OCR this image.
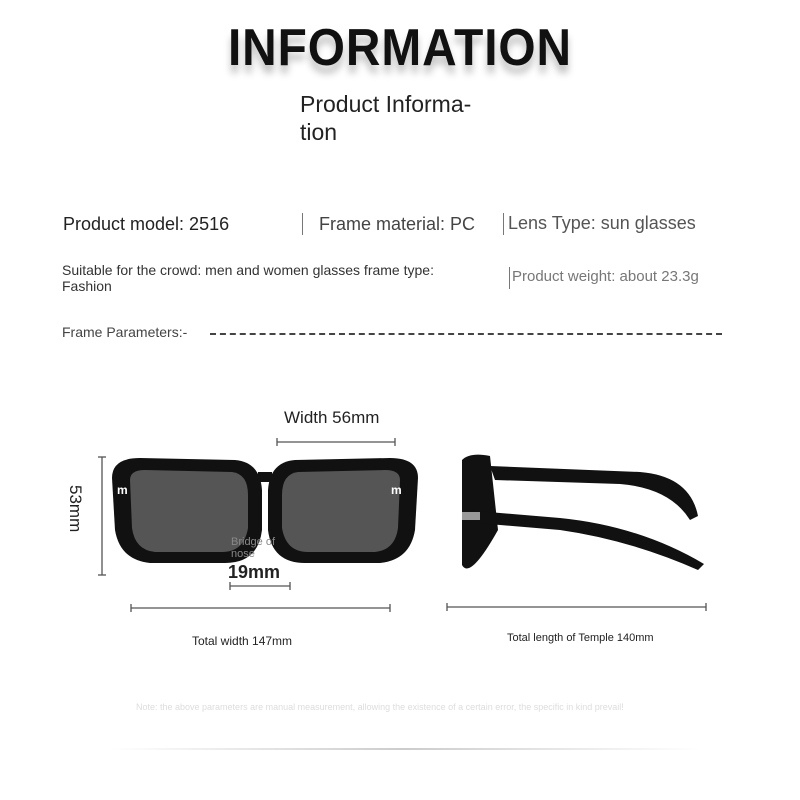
INFORMATION
Product Informa-tion
Product model: 2516	Frame material: PC Lens Type: sun glasses
Suitable for the crowd: men and women glasses frame type: Fashion
Product weight: about 23.3g
Frame Parameters:-
m	m
Width 56mm
53mm
Bridge of nose
19mm
Total width 147mm	Total length of Temple 140mm
Note: the above parameters are manual measurement, allowing the existence of a certain error, the specific in kind prevail!
